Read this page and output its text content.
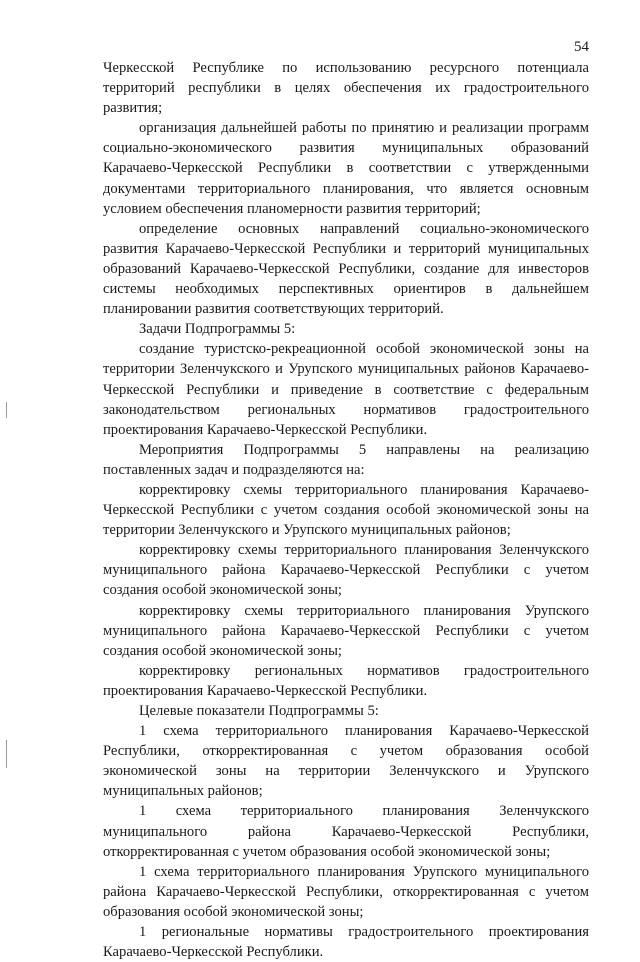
54

Черкесской Республике по использованию ресурсного потенциала территорий республики в целях обеспечения их градостроительного развития;

организация дальнейшей работы по принятию и реализации программ социально-экономического развития муниципальных образований Карачаево-Черкесской Республики в соответствии с утвержденными документами территориального планирования, что является основным условием обеспечения планомерности развития территорий;

определение основных направлений социально-экономического развития Карачаево-Черкесской Республики и территорий муниципальных образований Карачаево-Черкесской Республики, создание для инвесторов системы необходимых перспективных ориентиров в дальнейшем планировании развития соответствующих территорий.

Задачи Подпрограммы 5:

создание туристско-рекреационной особой экономической зоны на территории Зеленчукского и Урупского муниципальных районов Карачаево-Черкесской Республики и приведение в соответствие с федеральным законодательством региональных нормативов градостроительного проектирования Карачаево-Черкесской Республики.

Мероприятия Подпрограммы 5 направлены на реализацию поставленных задач и подразделяются на:

корректировку схемы территориального планирования Карачаево-Черкесской Республики с учетом создания особой экономической зоны на территории Зеленчукского и Урупского муниципальных районов;

корректировку схемы территориального планирования Зеленчукского муниципального района Карачаево-Черкесской Республики с учетом создания особой экономической зоны;

корректировку схемы территориального планирования Урупского муниципального района Карачаево-Черкесской Республики с учетом создания особой экономической зоны;

корректировку региональных нормативов градостроительного проектирования Карачаево-Черкесской Республики.

Целевые показатели Подпрограммы 5:

1 схема территориального планирования Карачаево-Черкесской Республики, откорректированная с учетом образования особой экономической зоны на территории Зеленчукского и Урупского муниципальных районов;

1 схема территориального планирования Зеленчукского муниципального района Карачаево-Черкесской Республики, откорректированная с учетом образования особой экономической зоны;

1 схема территориального планирования Урупского муниципального района Карачаево-Черкесской Республики, откорректированная с учетом образования особой экономической зоны;

1 региональные нормативы градостроительного проектирования Карачаево-Черкесской Республики.
